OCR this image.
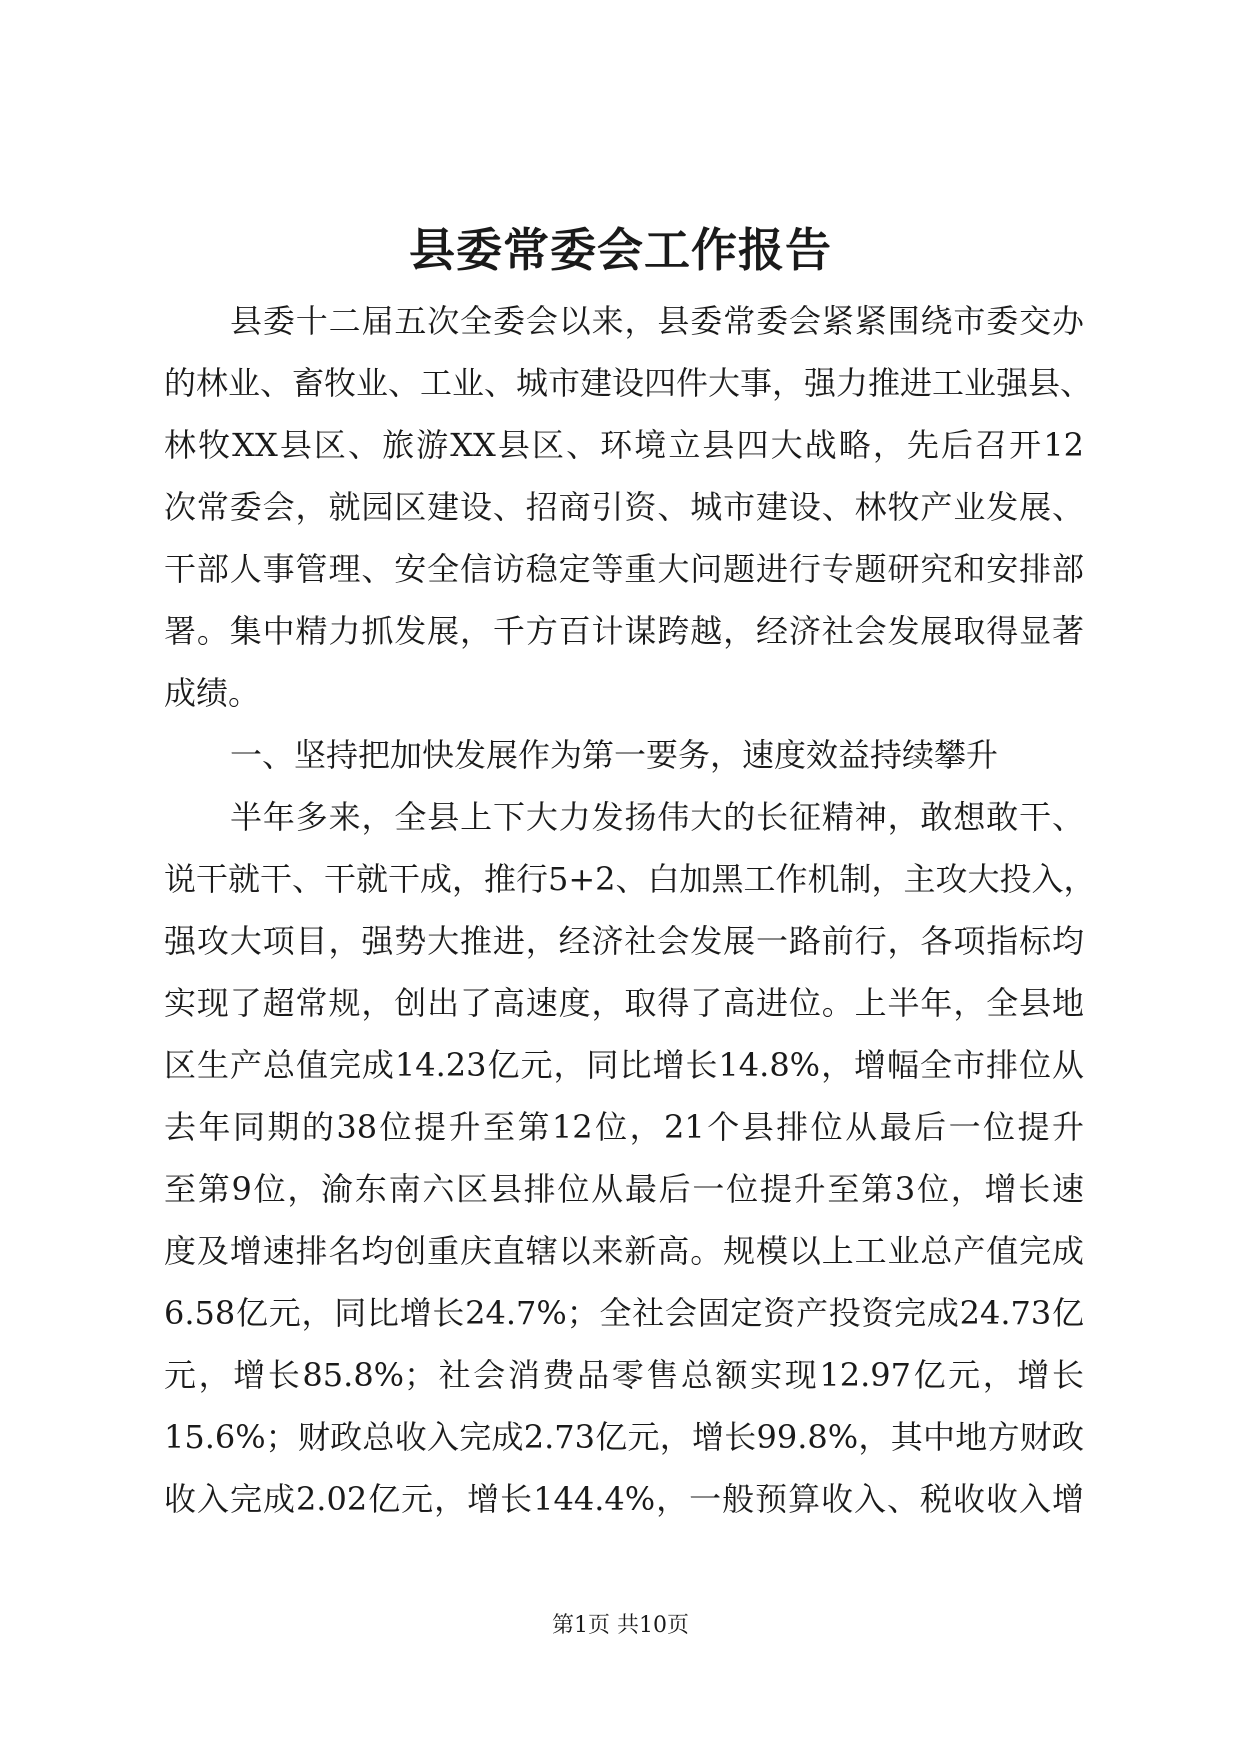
县委常委会工作报告
县委十二届五次全委会以来，县委常委会紧紧围绕市委交办
的林业、畜牧业、工业、城市建设四件大事，强力推进工业强县、
林牧XX县区、旅游XX县区、环境立县四大战略，先后召开12
次常委会，就园区建设、招商引资、城市建设、林牧产业发展、
干部人事管理、安全信访稳定等重大问题进行专题研究和安排部
署。集中精力抓发展，千方百计谋跨越，经济社会发展取得显著
成绩。
一、坚持把加快发展作为第一要务，速度效益持续攀升
半年多来，全县上下大力发扬伟大的长征精神，敢想敢干、
说干就干、干就干成，推行5+2、白加黑工作机制，主攻大投入，
强攻大项目，强势大推进，经济社会发展一路前行，各项指标均
实现了超常规，创出了高速度，取得了高进位。上半年，全县地
区生产总值完成14.23亿元，同比增长14.8%，增幅全市排位从
去年同期的38位提升至第12位，21个县排位从最后一位提升
至第9位，渝东南六区县排位从最后一位提升至第3位，增长速
度及增速排名均创重庆直辖以来新高。规模以上工业总产值完成
6.58亿元，同比增长24.7%；全社会固定资产投资完成24.73亿
元，增长85.8%；社会消费品零售总额实现12.97亿元，增长
15.6%；财政总收入完成2.73亿元，增长99.8%，其中地方财政
收入完成2.02亿元，增长144.4%，一般预算收入、税收收入增
第1页 共10页
